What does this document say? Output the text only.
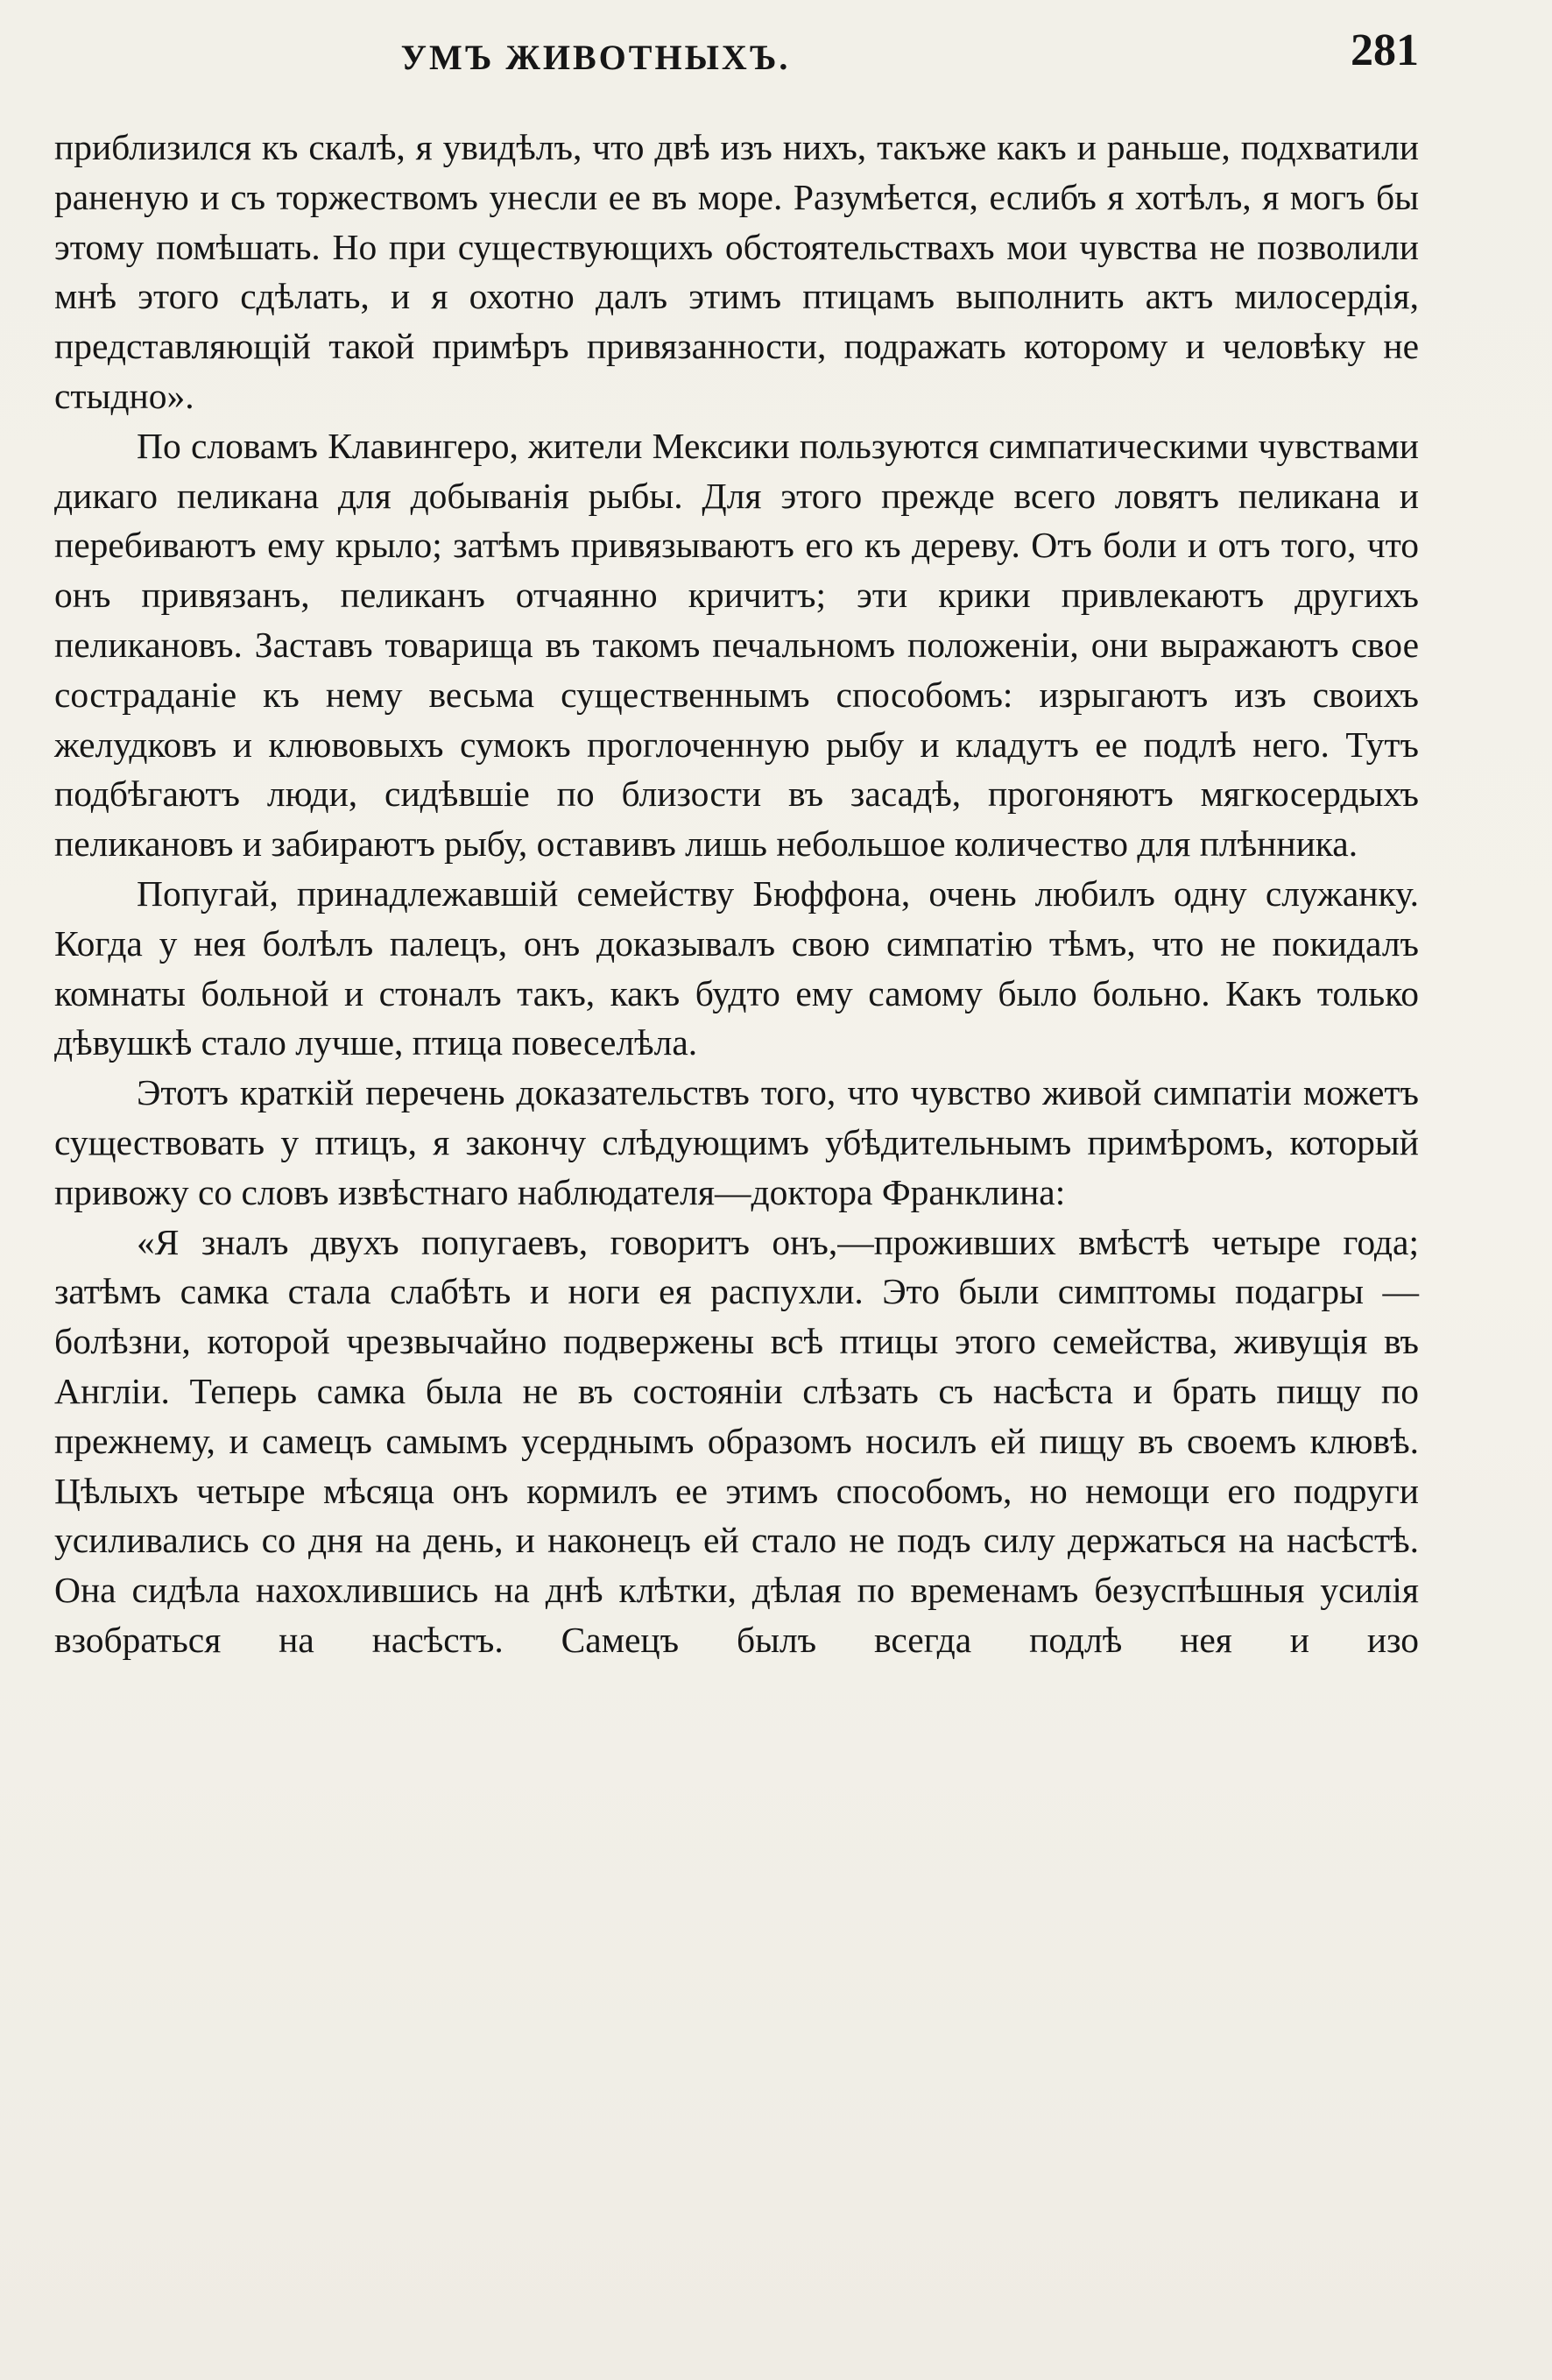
УМЪ ЖИВОТНЫХЪ.	281

приблизился къ скалѣ, я увидѣлъ, что двѣ изъ нихъ, такъже какъ и раньше, подхватили раненую и съ торжествомъ унесли ее въ море. Разумѣется, еслибъ я хотѣлъ, я могъ бы этому помѣшать. Но при существующихъ обстоятельствахъ мои чувства не позволили мнѣ этого сдѣлать, и я охотно далъ этимъ птицамъ выполнить актъ милосердія, представляющій такой примѣръ привязанности, подражать которому и человѣку не стыдно».

По словамъ Клавингеро, жители Мексики пользуются симпатическими чувствами дикаго пеликана для добыванія рыбы. Для этого прежде всего ловятъ пеликана и перебиваютъ ему крыло; затѣмъ привязываютъ его къ дереву. Отъ боли и отъ того, что онъ привязанъ, пеликанъ отчаянно кричитъ; эти крики привлекаютъ другихъ пеликановъ. Заставъ товарища въ такомъ печальномъ положеніи, они выражаютъ свое состраданіе къ нему весьма существеннымъ способомъ: изрыгаютъ изъ своихъ желудковъ и клювовыхъ сумокъ проглоченную рыбу и кладутъ ее подлѣ него. Тутъ подбѣгаютъ люди, сидѣвшіе по близости въ засадѣ, прогоняютъ мягкосердыхъ пеликановъ и забираютъ рыбу, оставивъ лишь небольшое количество для плѣнника.

Попугай, принадлежавшій семейству Бюффона, очень любилъ одну служанку. Когда у нея болѣлъ палецъ, онъ доказывалъ свою симпатію тѣмъ, что не покидалъ комнаты больной и стоналъ такъ, какъ будто ему самому было больно. Какъ только дѣвушкѣ стало лучше, птица повеселѣла.

Этотъ краткій перечень доказательствъ того, что чувство живой симпатіи можетъ существовать у птицъ, я закончу слѣдующимъ убѣдительнымъ примѣромъ, который привожу со словъ извѣстнаго наблюдателя—доктора Франклина:

«Я зналъ двухъ попугаевъ, говоритъ онъ,—проживших вмѣстѣ четыре года; затѣмъ самка стала слабѣть и ноги ея распухли. Это были симптомы подагры — болѣзни, которой чрезвычайно подвержены всѣ птицы этого семейства, живущія въ Англіи. Теперь самка была не въ состояніи слѣзать съ насѣста и брать пищу по прежнему, и самецъ самымъ усерднымъ образомъ носилъ ей пищу въ своемъ клювѣ. Цѣлыхъ четыре мѣсяца онъ кормилъ ее этимъ способомъ, но немощи его подруги усиливались со дня на день, и наконецъ ей стало не подъ силу держаться на насѣстѣ. Она сидѣла нахохлившись на днѣ клѣтки, дѣлая по временамъ безуспѣшныя усилія взобраться на насѣстъ. Самецъ былъ всегда подлѣ нея и изо
